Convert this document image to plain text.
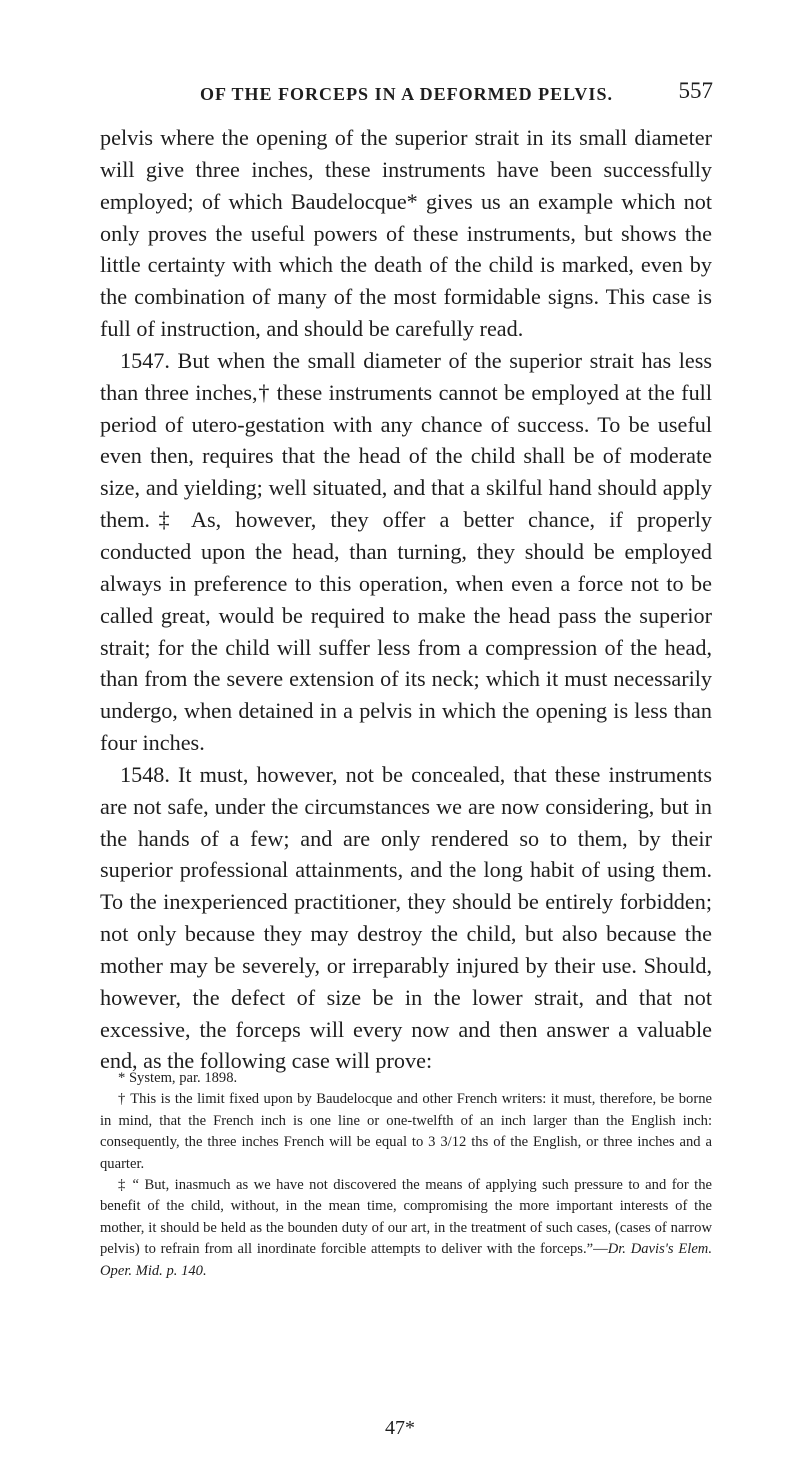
OF THE FORCEPS IN A DEFORMED PELVIS.	557

pelvis where the opening of the superior strait in its small diameter will give three inches, these instruments have been successfully employed; of which Baudelocque* gives us an example which not only proves the useful powers of these instruments, but shows the little certainty with which the death of the child is marked, even by the combination of many of the most formidable signs. This case is full of instruction, and should be carefully read.

1547. But when the small diameter of the superior strait has less than three inches,† these instruments cannot be employed at the full period of utero-gestation with any chance of success. To be useful even then, requires that the head of the child shall be of moderate size, and yielding; well situated, and that a skilful hand should apply them.‡ As, however, they offer a better chance, if properly conducted upon the head, than turning, they should be employed always in preference to this operation, when even a force not to be called great, would be required to make the head pass the superior strait; for the child will suffer less from a compression of the head, than from the severe extension of its neck; which it must necessarily undergo, when detained in a pelvis in which the opening is less than four inches.

1548. It must, however, not be concealed, that these instruments are not safe, under the circumstances we are now considering, but in the hands of a few; and are only rendered so to them, by their superior professional attainments, and the long habit of using them. To the inexperienced practitioner, they should be entirely forbidden; not only because they may destroy the child, but also because the mother may be severely, or irreparably injured by their use. Should, however, the defect of size be in the lower strait, and that not excessive, the forceps will every now and then answer a valuable end, as the following case will prove:

* System, par. 1898.

† This is the limit fixed upon by Baudelocque and other French writers: it must, therefore, be borne in mind, that the French inch is one line or one-twelfth of an inch larger than the English inch: consequently, the three inches French will be equal to 3 3/12 ths of the English, or three inches and a quarter.

‡ “ But, inasmuch as we have not discovered the means of applying such pressure to and for the benefit of the child, without, in the mean time, compromising the more important interests of the mother, it should be held as the bounden duty of our art, in the treatment of such cases, (cases of narrow pelvis) to refrain from all inordinate forcible attempts to deliver with the forceps.”—Dr. Davis's Elem. Oper. Mid. p. 140.

47*
